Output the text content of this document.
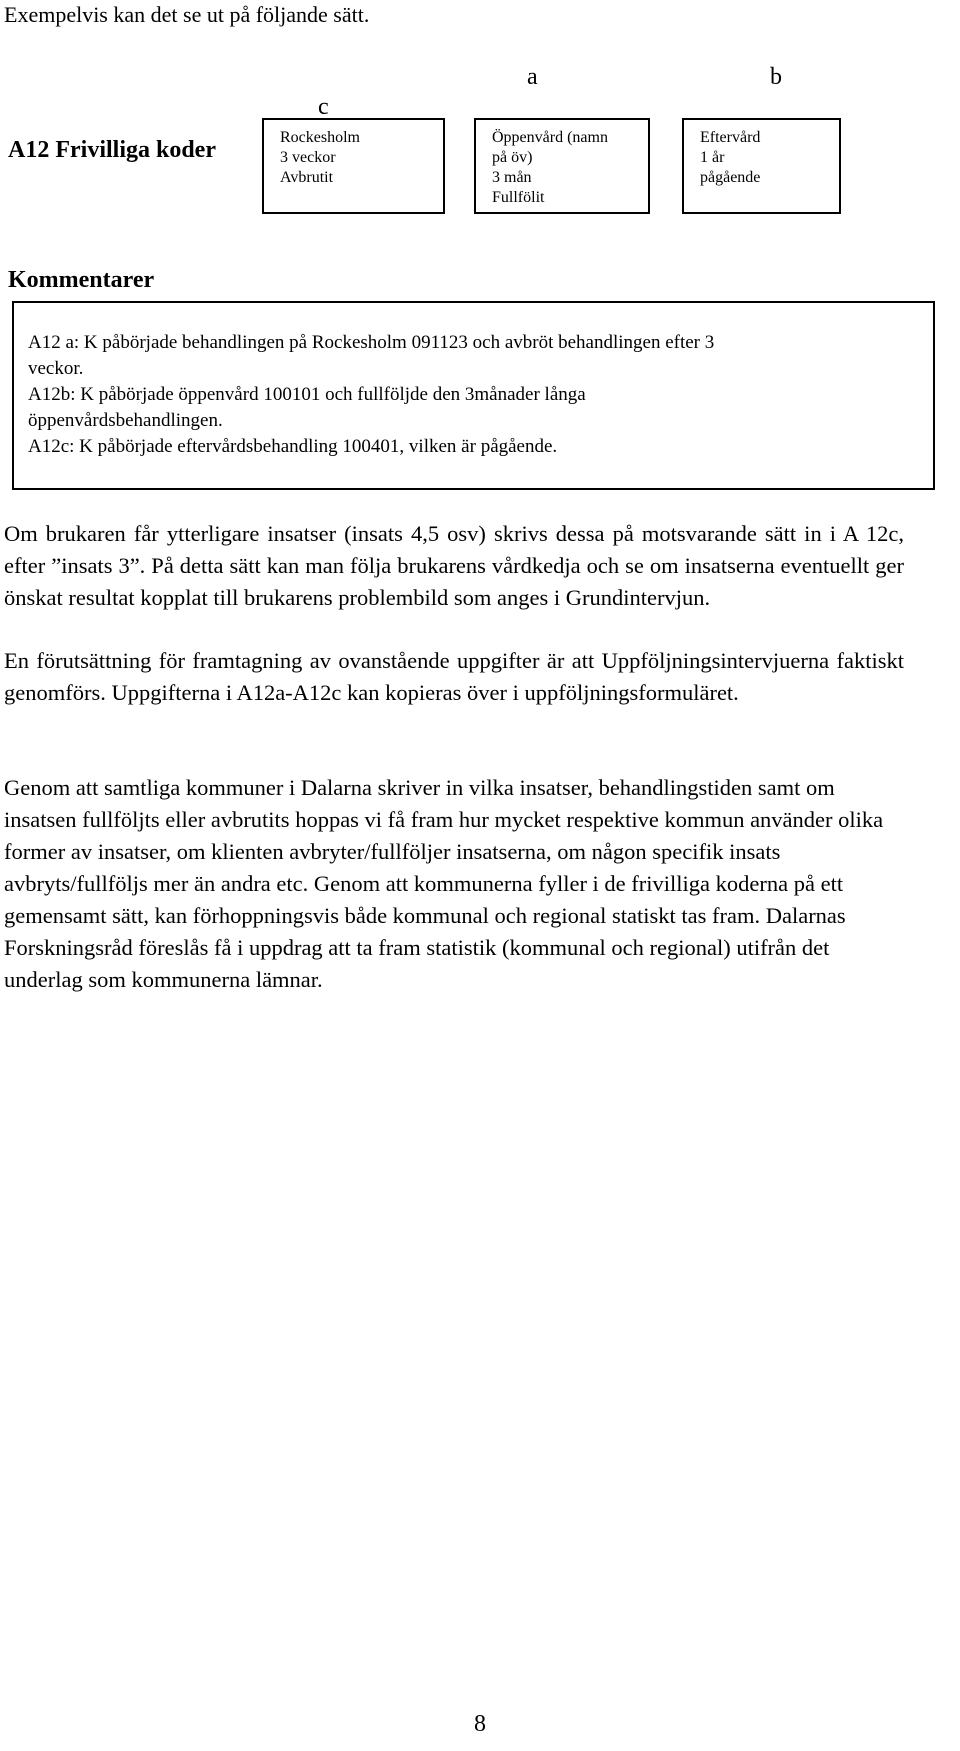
Exempelvis kan det se ut på följande sätt.
c
a	b
A12 Frivilliga koder	Rockesholm
3 veckor
Avbrutit
Öppenvård (namn
på öv)
3 mån
Fullfölit
Eftervård
1 år
pågående
Kommentarer
A12 a: K påbörjade behandlingen på Rockesholm 091123 och avbröt behandlingen efter 3
veckor.
A12b: K påbörjade öppenvård 100101 och fullföljde den 3månader långa
öppenvårdsbehandlingen.
A12c: K påbörjade eftervårdsbehandling 100401, vilken är pågående.
Om brukaren får ytterligare insatser (insats 4,5 osv) skrivs dessa på motsvarande sätt in i A 12c, efter ”insats 3”. På detta sätt kan man följa brukarens vårdkedja och se om insatserna eventuellt ger önskat resultat kopplat till brukarens problembild som anges i Grundintervjun.
En förutsättning för framtagning av ovanstående uppgifter är att Uppföljningsintervjuerna faktiskt genomförs. Uppgifterna i A12a-A12c kan kopieras över i uppföljningsformuläret.
Genom att samtliga kommuner i Dalarna skriver in vilka insatser, behandlingstiden samt om insatsen fullföljts eller avbrutits hoppas vi få fram hur mycket respektive kommun använder olika former av insatser, om klienten avbryter/fullföljer insatserna, om någon specifik insats avbryts/fullföljs mer än andra etc. Genom att kommunerna fyller i de frivilliga koderna på ett gemensamt sätt, kan förhoppningsvis både kommunal och regional statiskt tas fram. Dalarnas Forskningsråd föreslås få i uppdrag att ta fram statistik (kommunal och regional) utifrån det underlag som kommunerna lämnar.
8
